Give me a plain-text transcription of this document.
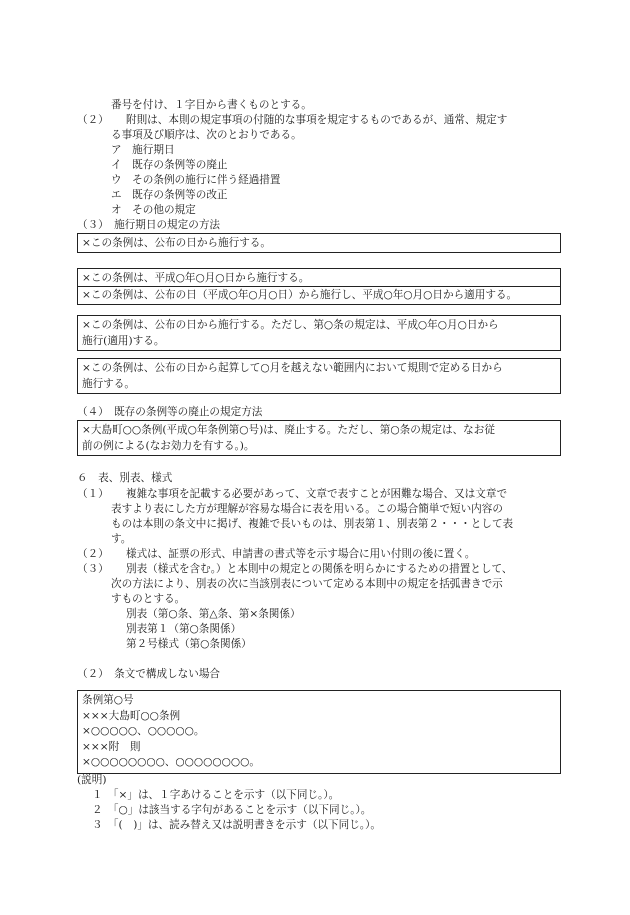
番号を付け、１字目から書くものとする。
（２） 附則は、本則の規定事項の付随的な事項を規定するものであるが、通常、規定す
る事項及び順序は、次のとおりである。
ア　施行期日
イ　既存の条例等の廃止
ウ　その条例の施行に伴う経過措置
エ　既存の条例等の改正
オ　その他の規定
（３）　施行期日の規定の方法
×この条例は、公布の日から施行する。
×この条例は、平成○年○月○日から施行する。
×この条例は、公布の日（平成○年○月○日）から施行し、平成○年○月○日から適用する。
×この条例は、公布の日から施行する。ただし、第○条の規定は、平成○年○月○日から
施行(適用)する。
×この条例は、公布の日から起算して○月を越えない範囲内において規則で定める日から
施行する。
（４）　既存の条例等の廃止の規定方法
×大島町○○条例(平成○年条例第○号)は、廃止する。ただし、第○条の規定は、なお従
前の例による(なお効力を有する。)。
６　表、別表、様式
（１） 複雑な事項を記載する必要があって、文章で表すことが困難な場合、又は文章で
表すより表にした方が理解が容易な場合に表を用いる。この場合簡単で短い内容の
ものは本則の条文中に掲げ、複雑で長いものは、別表第１、別表第２・・・として表
す。
（２） 様式は、証票の形式、申請書の書式等を示す場合に用い付則の後に置く。
（３） 別表（様式を含む。）と本則中の規定との関係を明らかにするための措置として、
次の方法により、別表の次に当該別表について定める本則中の規定を括弧書きで示
すものとする。
別表（第○条、第△条、第×条関係）
別表第１（第○条関係）
第２号様式（第○条関係）
（２）　条文で構成しない場合
条例第○号
×××大島町○○条例
×○○○○○、○○○○○。
×××附　則
×○○○○○○○○、○○○○○○○○。
(説明)
１　「×」は、１字あけることを示す（以下同じ。）。
２　「○」は該当する字句があることを示す（以下同じ。）。
３　「(　)」は、読み替え又は説明書きを示す（以下同じ。）。
